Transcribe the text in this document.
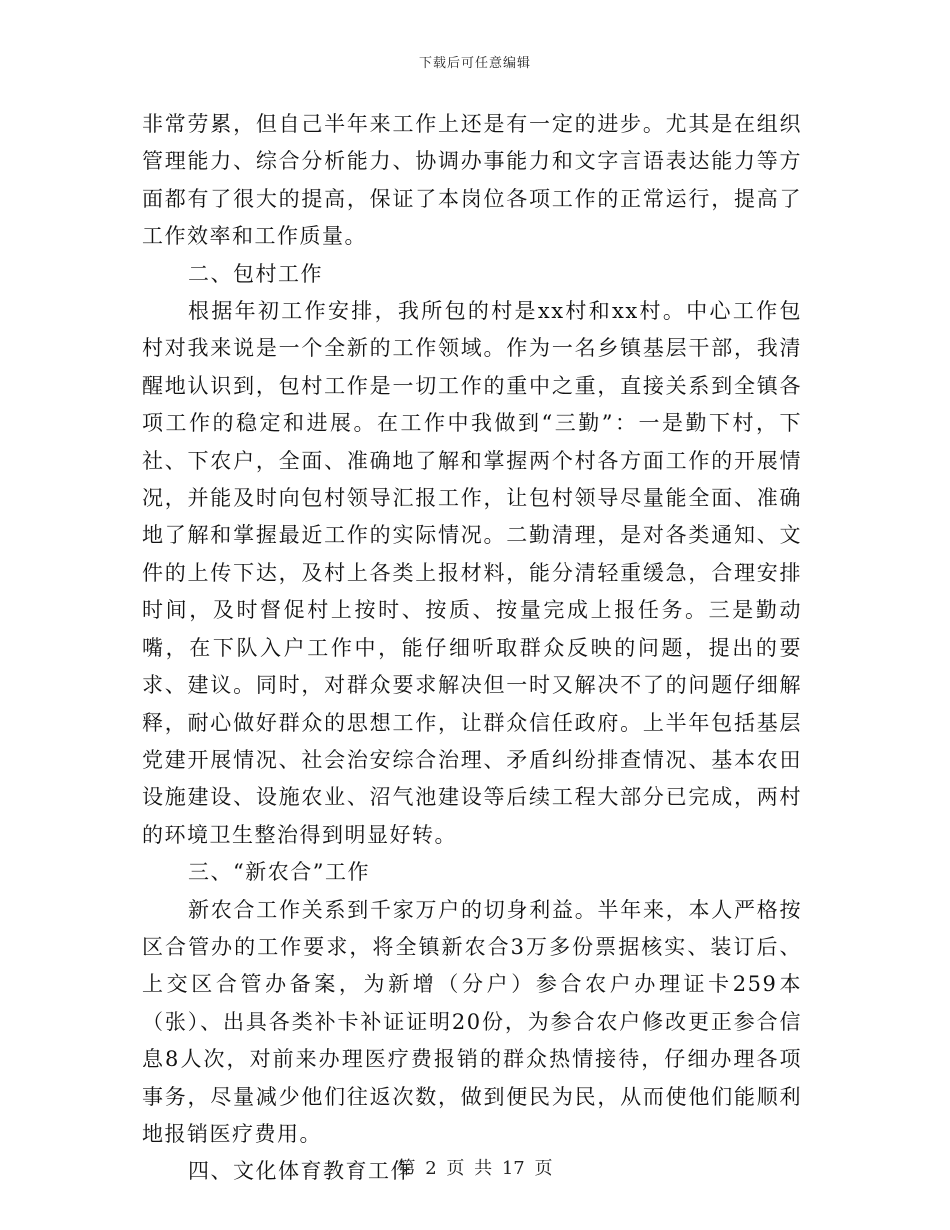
下载后可任意编辑

非常劳累，但自己半年来工作上还是有一定的进步。尤其是在组织管理能力、综合分析能力、协调办事能力和文字言语表达能力等方面都有了很大的提高，保证了本岗位各项工作的正常运行，提高了工作效率和工作质量。

二、包村工作

根据年初工作安排，我所包的村是xx村和xx村。中心工作包村对我来说是一个全新的工作领域。作为一名乡镇基层干部，我清醒地认识到，包村工作是一切工作的重中之重，直接关系到全镇各项工作的稳定和进展。在工作中我做到“三勤”：一是勤下村，下社、下农户，全面、准确地了解和掌握两个村各方面工作的开展情况，并能及时向包村领导汇报工作，让包村领导尽量能全面、准确地了解和掌握最近工作的实际情况。二勤清理，是对各类通知、文件的上传下达，及村上各类上报材料，能分清轻重缓急，合理安排时间，及时督促村上按时、按质、按量完成上报任务。三是勤动嘴，在下队入户工作中，能仔细听取群众反映的问题，提出的要求、建议。同时，对群众要求解决但一时又解决不了的问题仔细解释，耐心做好群众的思想工作，让群众信任政府。上半年包括基层党建开展情况、社会治安综合治理、矛盾纠纷排查情况、基本农田设施建设、设施农业、沼气池建设等后续工程大部分已完成，两村的环境卫生整治得到明显好转。

三、“新农合”工作

新农合工作关系到千家万户的切身利益。半年来，本人严格按区合管办的工作要求，将全镇新农合3万多份票据核实、装订后、上交区合管办备案，为新增（分户）参合农户办理证卡259本（张）、出具各类补卡补证证明20份，为参合农户修改更正参合信息8人次，对前来办理医疗费报销的群众热情接待，仔细办理各项事务，尽量减少他们往返次数，做到便民为民，从而使他们能顺利地报销医疗费用。

四、文化体育教育工作

第 2 页 共 17 页
